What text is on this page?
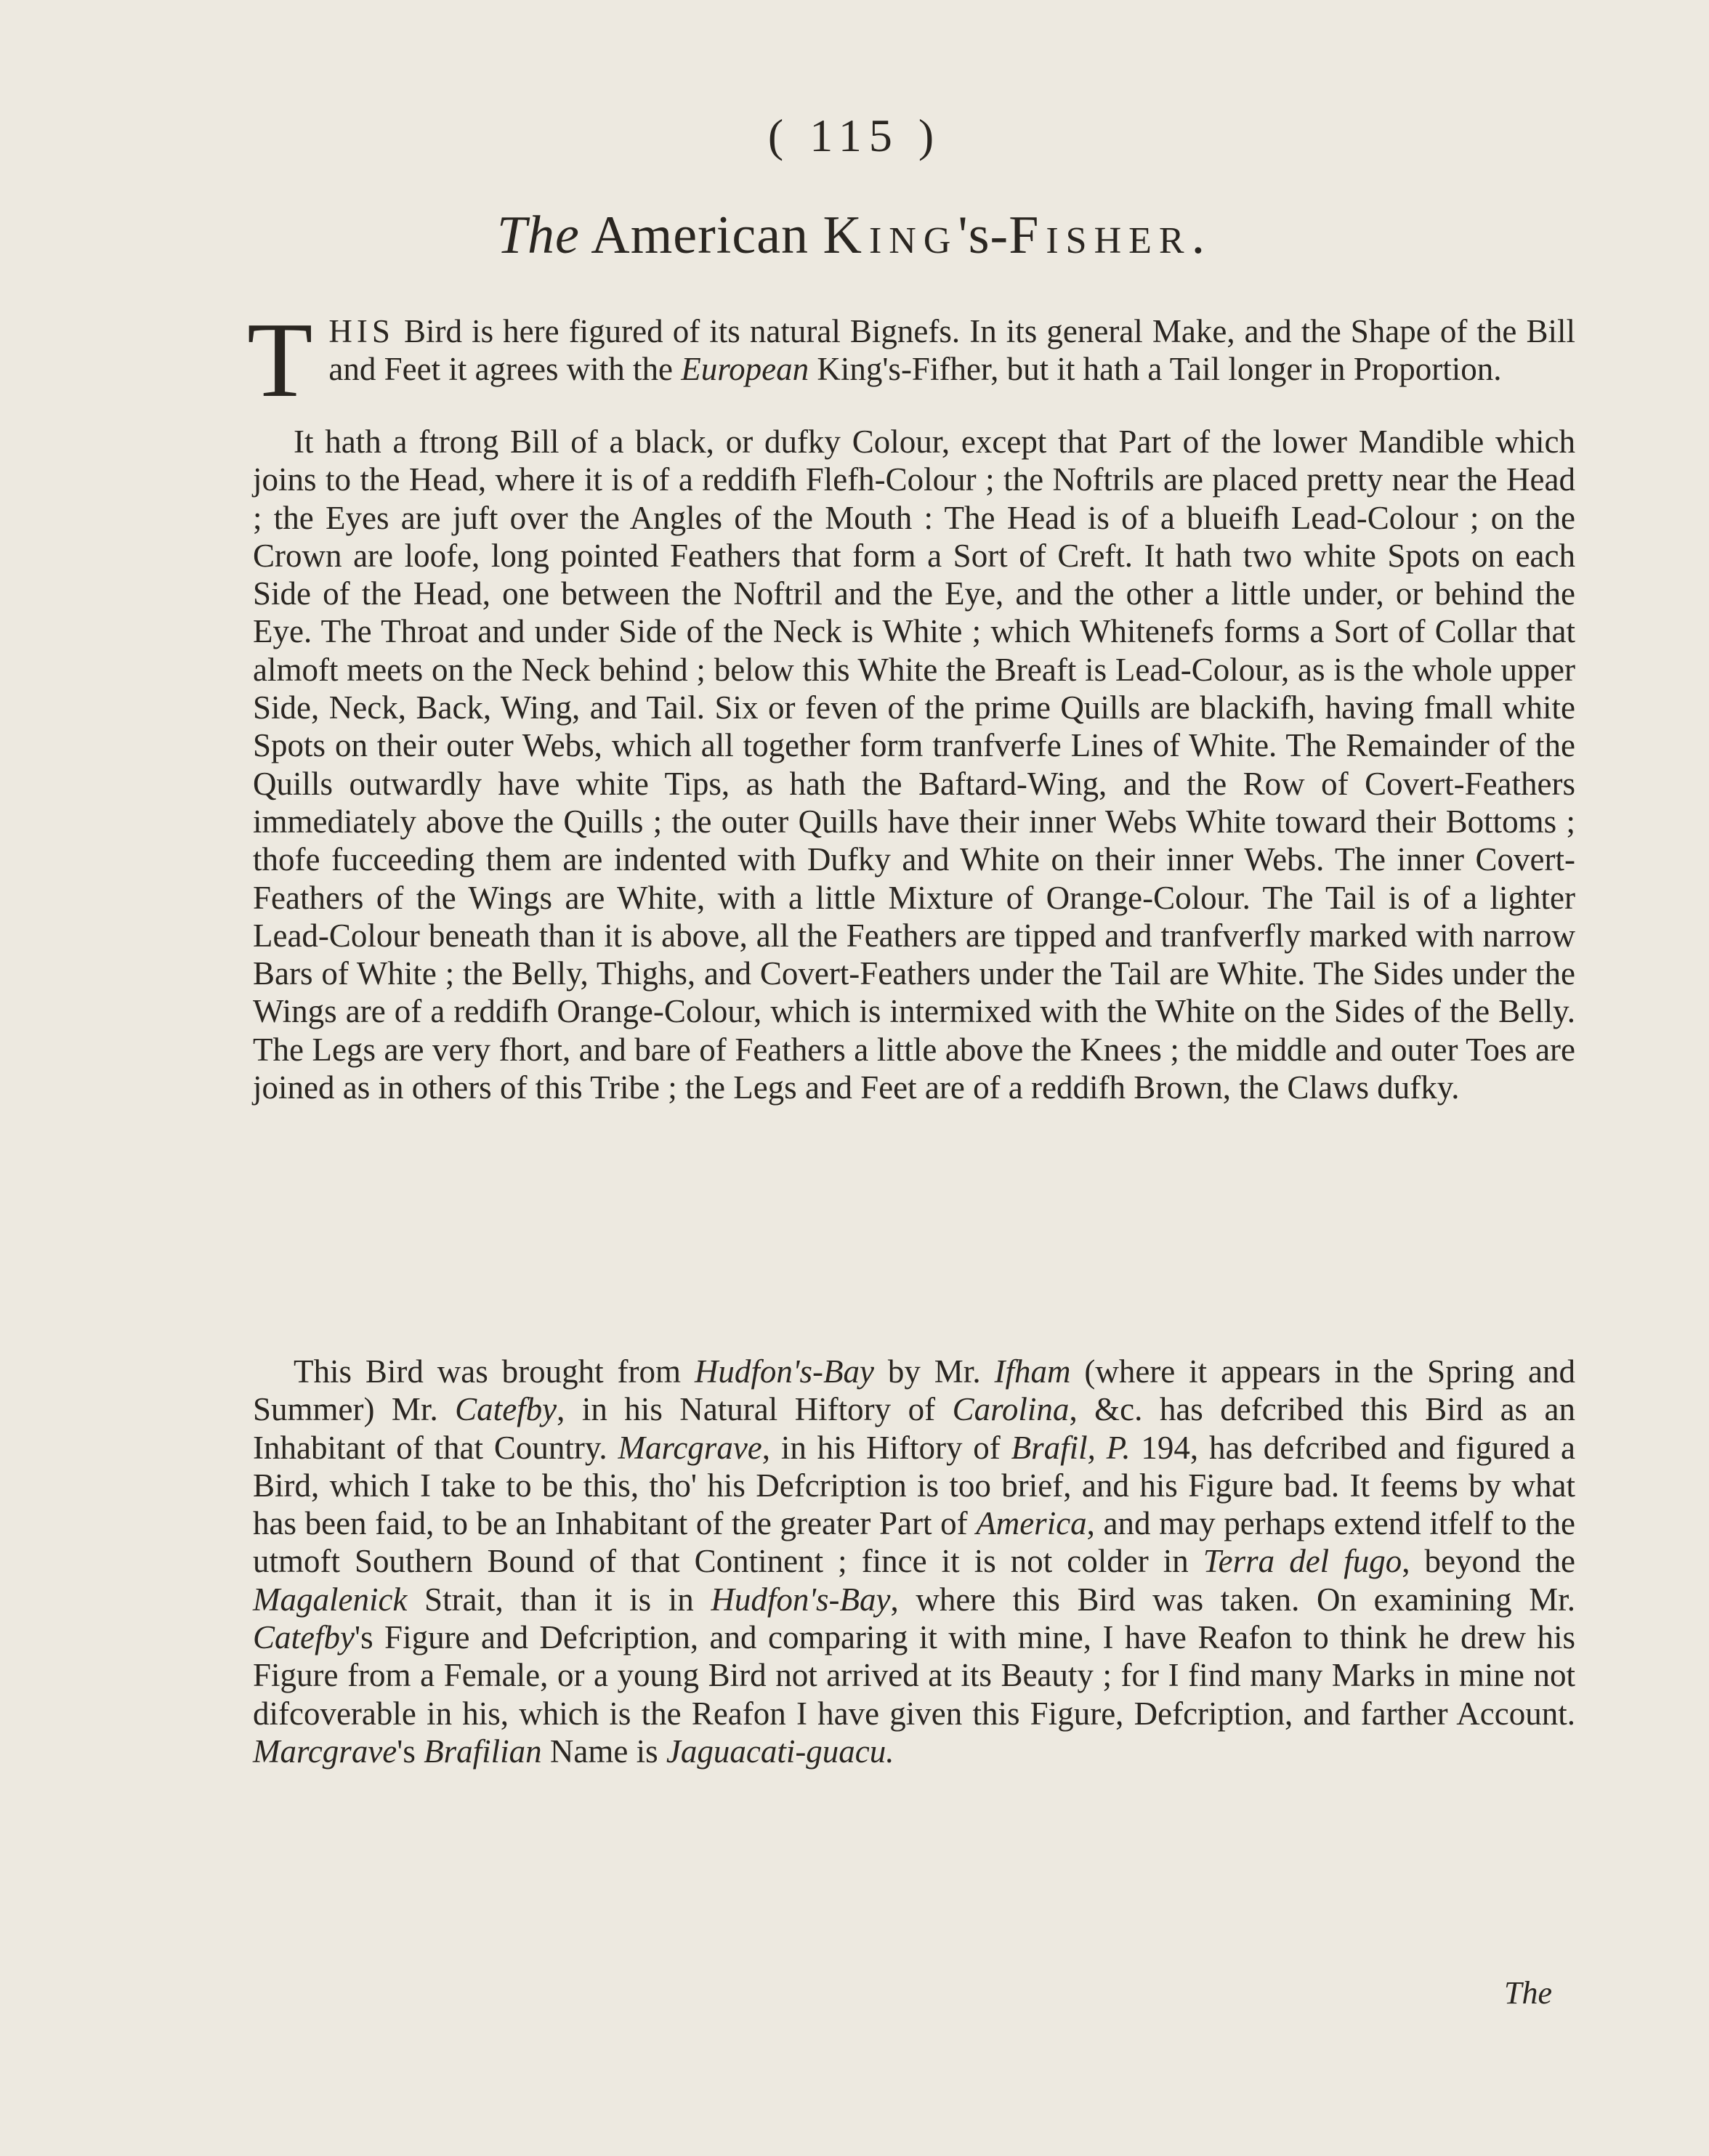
( 115 )
The American King's-Fisher.
THIS Bird is here figured of its natural Bignefs. In its general Make, and the Shape of the Bill and Feet it agrees with the European King's-Fifher, but it hath a Tail longer in Proportion.
It hath a ftrong Bill of a black, or dufky Colour, except that Part of the lower Mandible which joins to the Head, where it is of a reddifh Flefh-Colour ; the Noftrils are placed pretty near the Head ; the Eyes are juft over the Angles of the Mouth : The Head is of a blueifh Lead-Colour ; on the Crown are loofe, long pointed Feathers that form a Sort of Creft. It hath two white Spots on each Side of the Head, one between the Noftril and the Eye, and the other a little under, or behind the Eye. The Throat and under Side of the Neck is White ; which Whitenefs forms a Sort of Collar that almoft meets on the Neck behind ; below this White the Breaft is Lead-Colour, as is the whole upper Side, Neck, Back, Wing, and Tail. Six or feven of the prime Quills are blackifh, having fmall white Spots on their outer Webs, which all together form tranfverfe Lines of White. The Remainder of the Quills outwardly have white Tips, as hath the Baftard-Wing, and the Row of Covert-Feathers immediately above the Quills ; the outer Quills have their inner Webs White toward their Bottoms ; thofe fucceeding them are indented with Dufky and White on their inner Webs. The inner Covert-Feathers of the Wings are White, with a little Mixture of Orange-Colour. The Tail is of a lighter Lead-Colour beneath than it is above, all the Feathers are tipped and tranfverfly marked with narrow Bars of White ; the Belly, Thighs, and Covert-Feathers under the Tail are White. The Sides under the Wings are of a reddifh Orange-Colour, which is intermixed with the White on the Sides of the Belly. The Legs are very fhort, and bare of Feathers a little above the Knees ; the middle and outer Toes are joined as in others of this Tribe ; the Legs and Feet are of a reddifh Brown, the Claws dufky.
This Bird was brought from Hudfon's-Bay by Mr. Ifham (where it appears in the Spring and Summer) Mr. Catefby, in his Natural Hiftory of Carolina, &c. has defcribed this Bird as an Inhabitant of that Country. Marcgrave, in his Hiftory of Brafil, P. 194, has defcribed and figured a Bird, which I take to be this, tho' his Defcription is too brief, and his Figure bad. It feems by what has been faid, to be an Inhabitant of the greater Part of America, and may perhaps extend itfelf to the utmoft Southern Bound of that Continent ; fince it is not colder in Terra del fugo, beyond the Magalenick Strait, than it is in Hudfon's-Bay, where this Bird was taken. On examining Mr. Catefby's Figure and Defcription, and comparing it with mine, I have Reafon to think he drew his Figure from a Female, or a young Bird not arrived at its Beauty ; for I find many Marks in mine not difcoverable in his, which is the Reafon I have given this Figure, Defcription, and farther Account. Marcgrave's Brafilian Name is Jaguacati-guacu.
The
